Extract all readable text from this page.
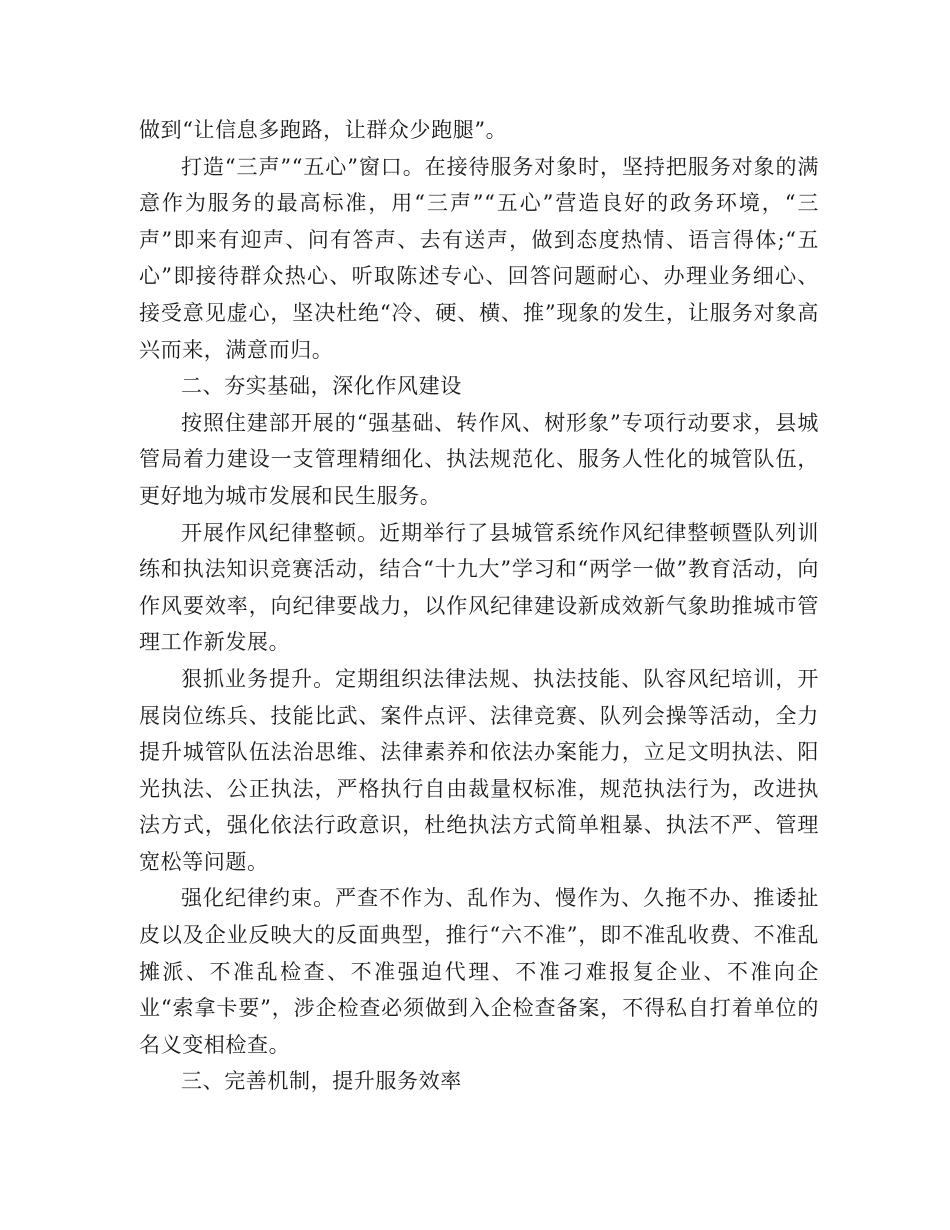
做到“让信息多跑路，让群众少跑腿”。

打造“三声”“五心”窗口。在接待服务对象时，坚持把服务对象的满意作为服务的最高标准，用“三声”“五心”营造良好的政务环境，“三声”即来有迎声、问有答声、去有送声，做到态度热情、语言得体;“五心”即接待群众热心、听取陈述专心、回答问题耐心、办理业务细心、接受意见虚心，坚决杜绝“冷、硬、横、推”现象的发生，让服务对象高兴而来，满意而归。

二、夯实基础，深化作风建设

按照住建部开展的“强基础、转作风、树形象”专项行动要求，县城管局着力建设一支管理精细化、执法规范化、服务人性化的城管队伍，更好地为城市发展和民生服务。

开展作风纪律整顿。近期举行了县城管系统作风纪律整顿暨队列训练和执法知识竞赛活动，结合“十九大”学习和“两学一做”教育活动，向作风要效率，向纪律要战力，以作风纪律建设新成效新气象助推城市管理工作新发展。

狠抓业务提升。定期组织法律法规、执法技能、队容风纪培训，开展岗位练兵、技能比武、案件点评、法律竞赛、队列会操等活动，全力提升城管队伍法治思维、法律素养和依法办案能力，立足文明执法、阳光执法、公正执法，严格执行自由裁量权标准，规范执法行为，改进执法方式，强化依法行政意识，杜绝执法方式简单粗暴、执法不严、管理宽松等问题。

强化纪律约束。严查不作为、乱作为、慢作为、久拖不办、推诿扯皮以及企业反映大的反面典型，推行“六不准”，即不准乱收费、不准乱摊派、不准乱检查、不准强迫代理、不准刁难报复企业、不准向企业“索拿卡要”，涉企检查必须做到入企检查备案，不得私自打着单位的名义变相检查。

三、完善机制，提升服务效率
